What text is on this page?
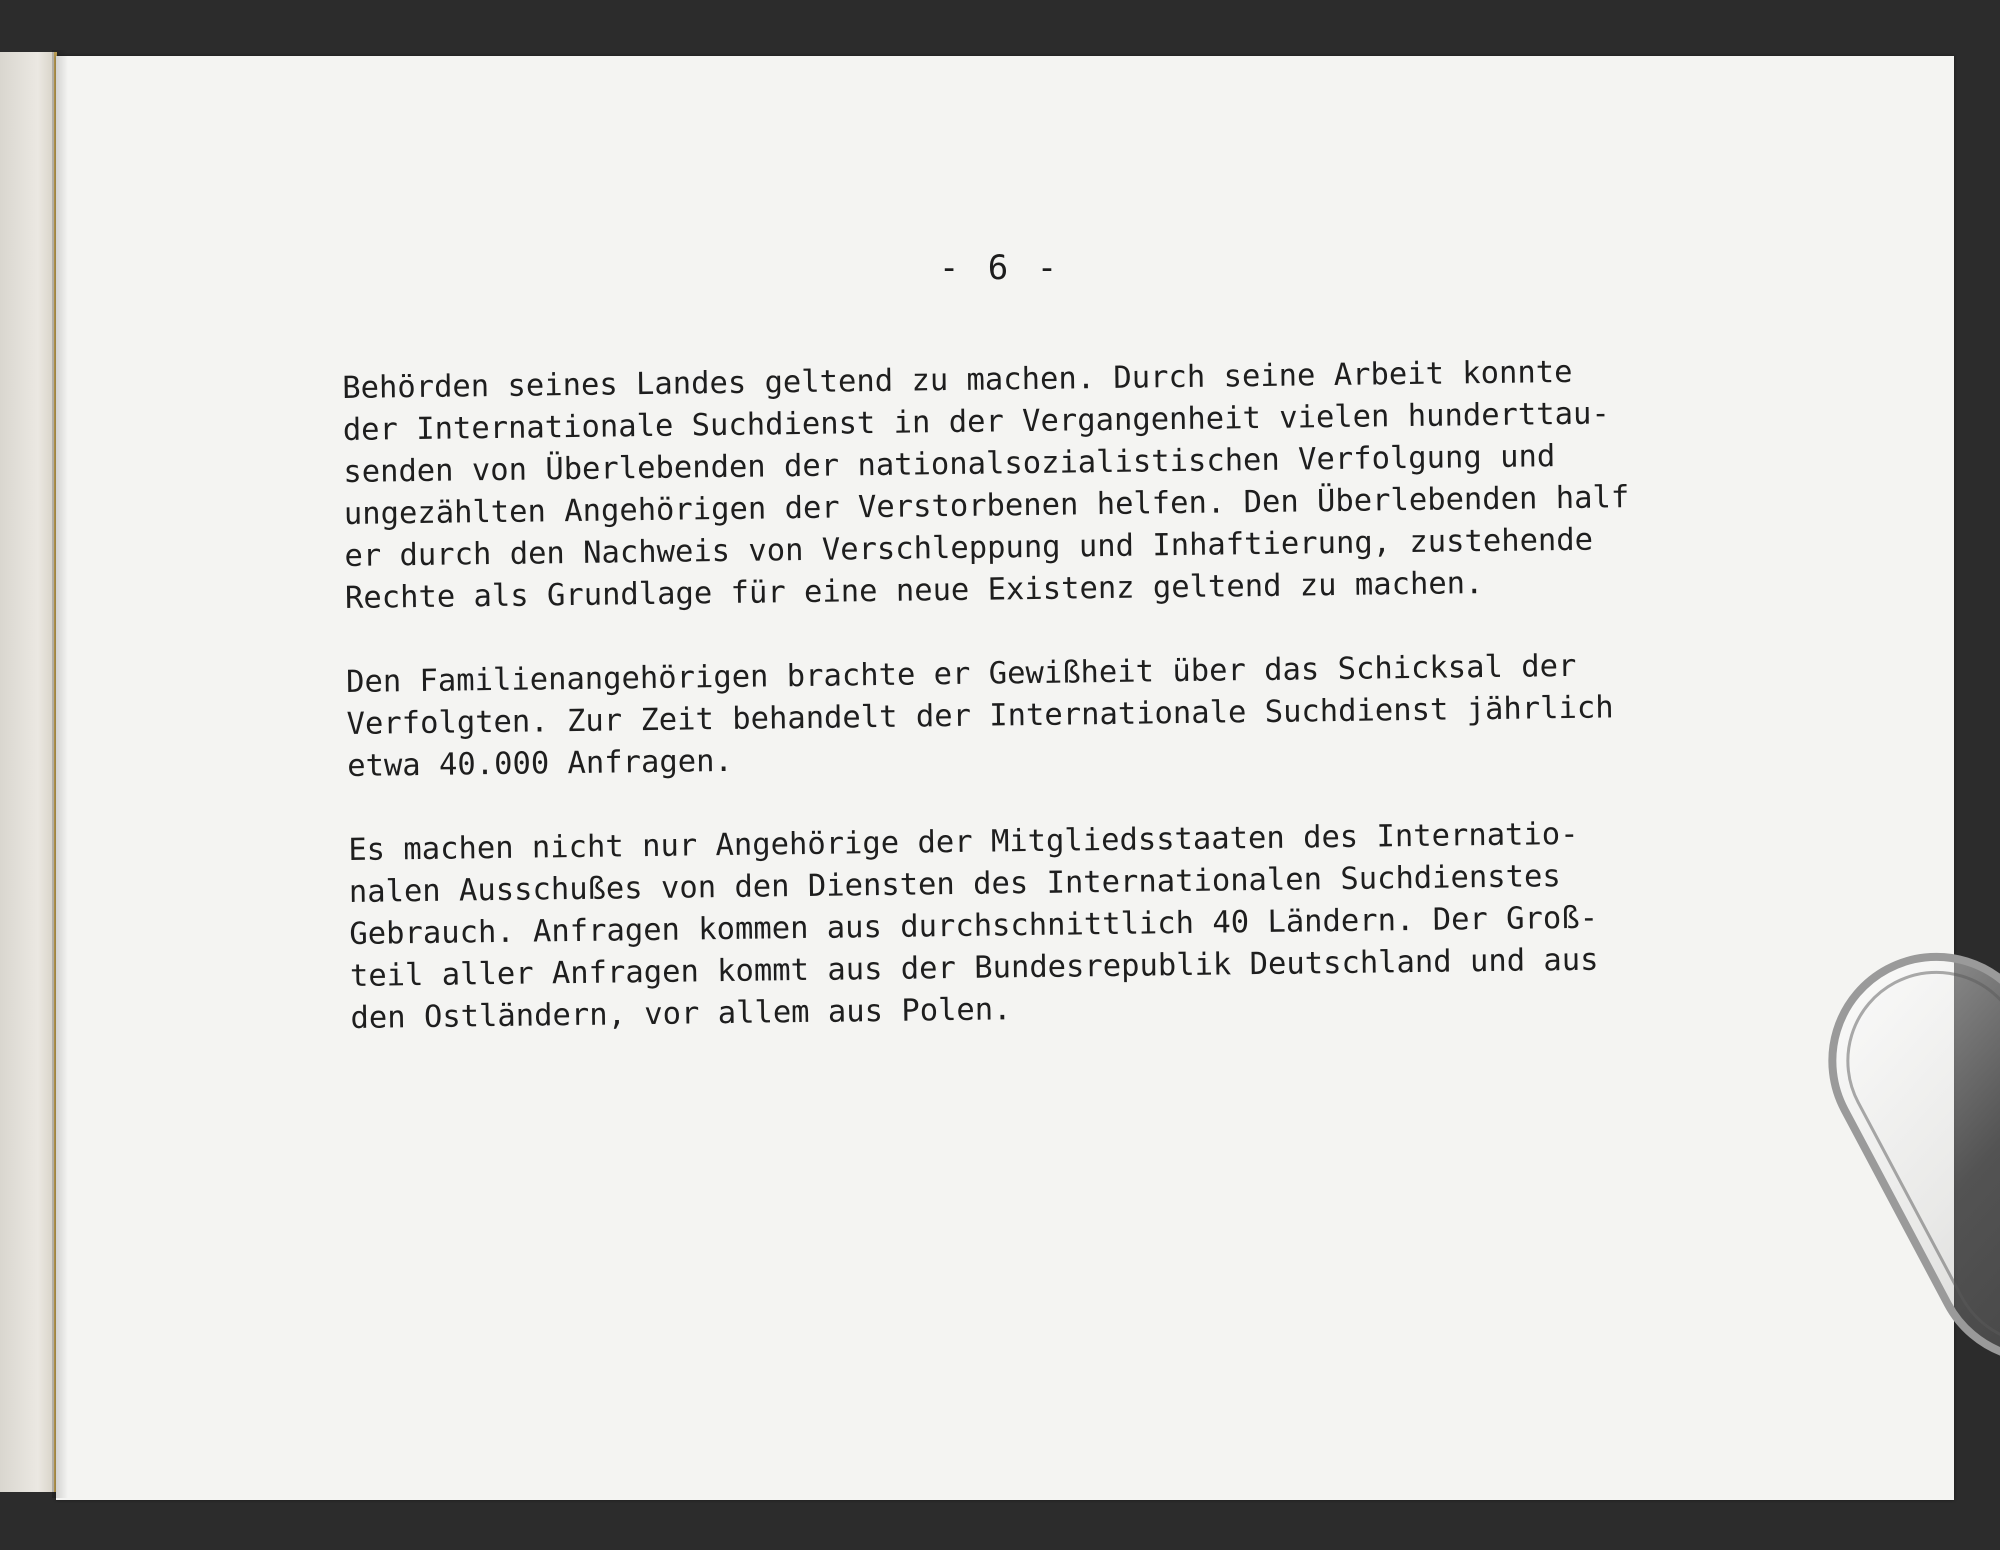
- 6 -
Behörden seines Landes geltend zu machen. Durch seine Arbeit konnte
der Internationale Suchdienst in der Vergangenheit vielen hunderttau-
senden von Überlebenden der nationalsozialistischen Verfolgung und
ungezählten Angehörigen der Verstorbenen helfen. Den Überlebenden half
er durch den Nachweis von Verschleppung und Inhaftierung, zustehende
Rechte als Grundlage für eine neue Existenz geltend zu machen.
Den Familienangehörigen brachte er Gewißheit über das Schicksal der
Verfolgten. Zur Zeit behandelt der Internationale Suchdienst jährlich
etwa 40.000 Anfragen.
Es machen nicht nur Angehörige der Mitgliedsstaaten des Internatio-
nalen Ausschußes von den Diensten des Internationalen Suchdienstes
Gebrauch. Anfragen kommen aus durchschnittlich 40 Ländern. Der Groß-
teil aller Anfragen kommt aus der Bundesrepublik Deutschland und aus
den Ostländern, vor allem aus Polen.
